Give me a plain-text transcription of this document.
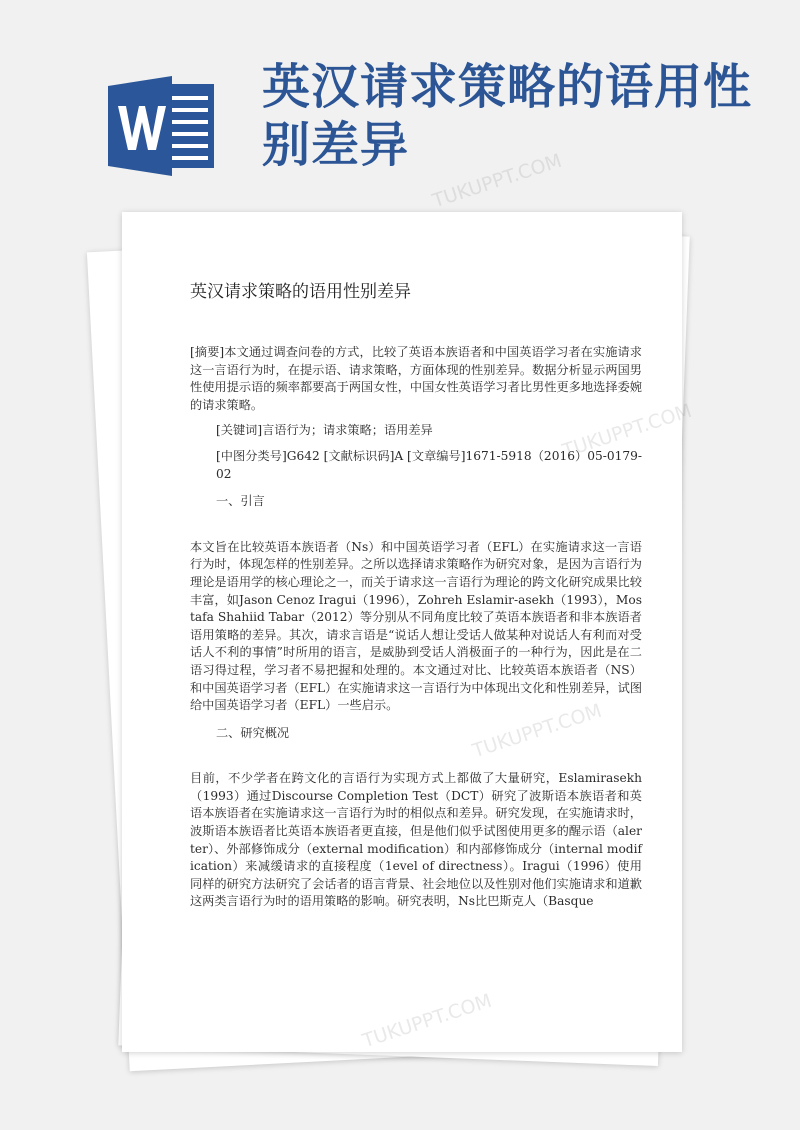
英汉请求策略的语用性别差异
TUKUPPT.COM
英汉请求策略的语用性别差异

[摘要]本文通过调查问卷的方式，比较了英语本族语者和中国英语学习者在实施请求这一言语行为时，在提示语、请求策略，方面体现的性别差异。数据分析显示两国男性使用提示语的频率都要高于两国女性，中国女性英语学习者比男性更多地选择委婉的请求策略。

[关键词]言语行为；请求策略；语用差异

[中图分类号]G642 [文献标识码]A [文章编号]1671-5918（2016）05-0179-02

一、引言

本文旨在比较英语本族语者（Ns）和中国英语学习者（EFL）在实施请求这一言语行为时，体现怎样的性别差异。之所以选择请求策略作为研究对象，是因为言语行为理论是语用学的核心理论之一，而关于请求这一言语行为理论的跨文化研究成果比较丰富，如Jason Cenoz Iragui（1996），Zohreh Eslamir-asekh（1993），Mostafa Shahiid Tabar（2012）等分别从不同角度比较了英语本族语者和非本族语者语用策略的差异。其次，请求言语是“说话人想让受话人做某种对说话人有利而对受话人不利的事情”时所用的语言，是威胁到受话人消极面子的一种行为，因此是在二语习得过程，学习者不易把握和处理的。本文通过对比、比较英语本族语者（NS）和中国英语学习者（EFL）在实施请求这一言语行为中体现出文化和性别差异，试图给中国英语学习者（EFL）一些启示。

二、研究概况

目前，不少学者在跨文化的言语行为实现方式上都做了大量研究，Eslamirasekh（1993）通过Discourse Completion Test（DCT）研究了波斯语本族语者和英语本族语者在实施请求这一言语行为时的相似点和差异。研究发现，在实施请求时，波斯语本族语者比英语本族语者更直接，但是他们似乎试图使用更多的醒示语（alerter）、外部修饰成分（external modification）和内部修饰成分（internal modification）来减缓请求的直接程度（1evel of directness）。Iragui（1996）使用同样的研究方法研究了会话者的语言背景、社会地位以及性别对他们实施请求和道歉这两类言语行为时的语用策略的影响。研究表明，Ns比巴斯克人（Basque
